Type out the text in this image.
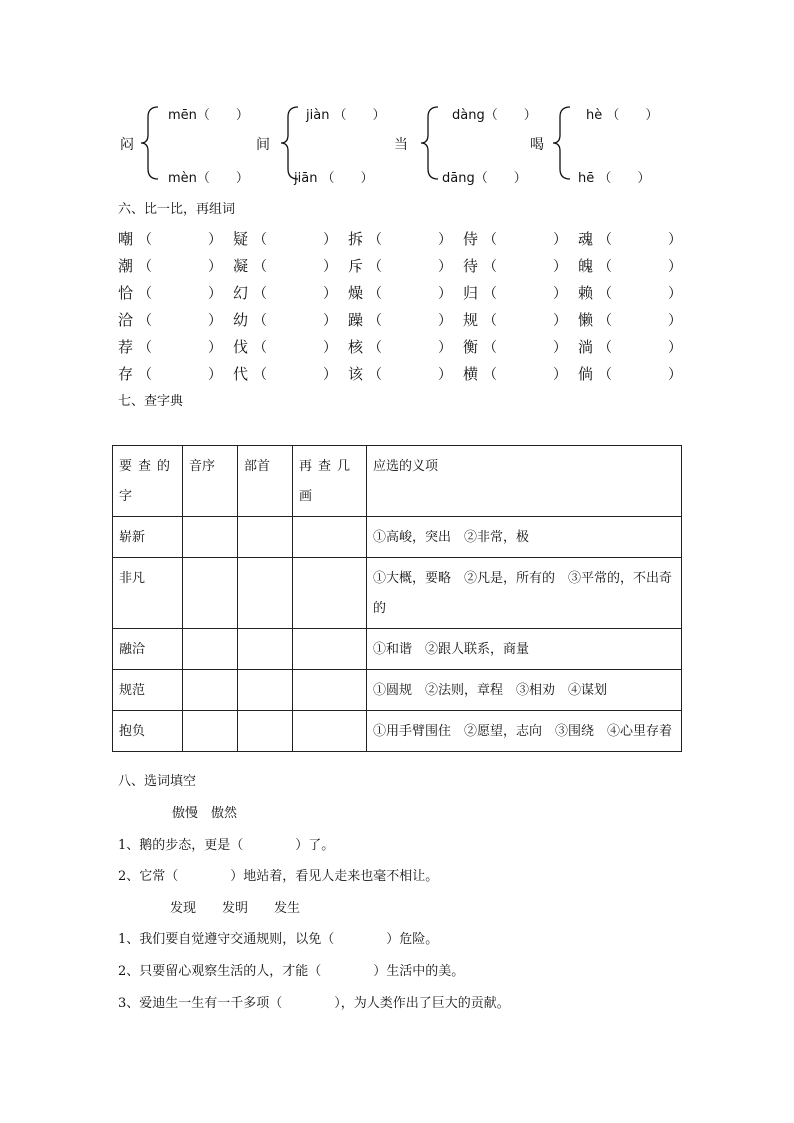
闷
mēn（　　）
mèn（　　）
间
jiàn （　　）
jiān （　　）
当
dàng（　　）
dāng（　　）
喝
hè （　　）
hē （　　）
六、比一比，再组词
嘲 （　　　　） 疑 （　　　　） 拆 （　　　　） 侍 （　　　　） 魂 （　　　　）
潮 （　　　　） 凝 （　　　　） 斥 （　　　　） 待 （　　　　） 魄 （　　　　）
恰 （　　　　） 幻 （　　　　） 燥 （　　　　） 归 （　　　　） 赖 （　　　　）
洽 （　　　　） 幼 （　　　　） 躁 （　　　　） 规 （　　　　） 懒 （　　　　）
荐 （　　　　） 伐 （　　　　） 核 （　　　　） 衡 （　　　　） 淌 （　　　　）
存 （　　　　） 代 （　　　　） 该 （　　　　） 横 （　　　　） 倘 （　　　　）
七、查字典
要查的字	音序	部首	再查几画	应选的义项
崭新				①高峻，突出　②非常，极
非凡				①大概，要略　②凡是，所有的　③平常的，不出奇的
融洽				①和谐　②跟人联系，商量
规范				①圆规　②法则，章程　③相劝　④谋划
抱负				①用手臂围住　②愿望，志向　③围绕　④心里存着
八、选词填空
傲慢　傲然
1、鹅的步态，更是（　　　　）了。
2、它常（　　　　）地站着，看见人走来也毫不相让。
发现　　发明　　发生
1、我们要自觉遵守交通规则，以免（　　　　）危险。
2、只要留心观察生活的人，才能（　　　　）生活中的美。
3、爱迪生一生有一千多项（　　　　），为人类作出了巨大的贡献。
